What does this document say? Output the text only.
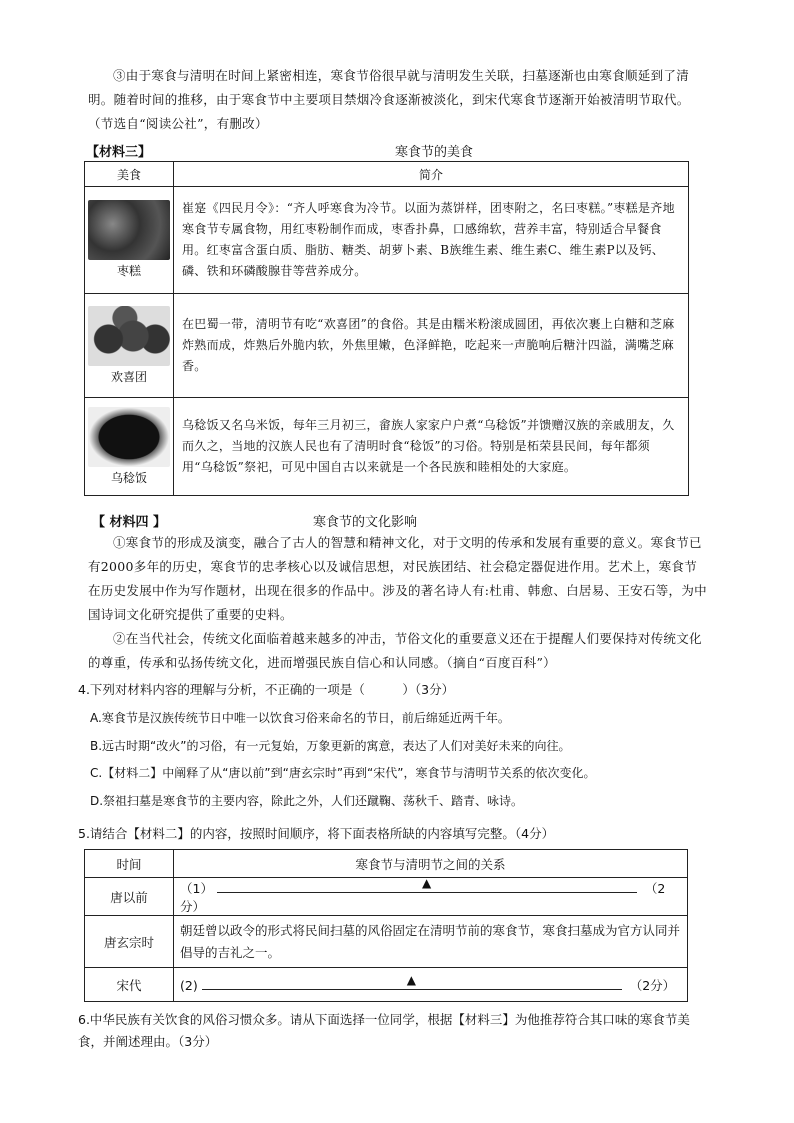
③由于寒食与清明在时间上紧密相连，寒食节俗很早就与清明发生关联，扫墓逐渐也由寒食顺延到了清明。随着时间的推移，由于寒食节中主要项目禁烟冷食逐渐被淡化，到宋代寒食节逐渐开始被清明节取代。（节选自“阅读公社”，有删改）
【材料三】	寒食节的美食
美食	简介

枣糕	崔寔《四民月令》：“齐人呼寒食为冷节。以面为蒸饼样，团枣附之，名曰枣糕。”枣糕是齐地寒食节专属食物，用红枣粉制作而成，枣香扑鼻，口感绵软，营养丰富，特别适合早餐食用。红枣富含蛋白质、脂肪、糖类、胡萝卜素、B族维生素、维生素C、维生素P以及钙、磷、铁和环磷酸腺苷等营养成分。

欢喜团	在巴蜀一带，清明节有吃“欢喜团”的食俗。其是由糯米粉滚成圆团，再依次裹上白糖和芝麻炸熟而成，炸熟后外脆内软，外焦里嫩，色泽鲜艳，吃起来一声脆响后糖汁四溢，满嘴芝麻香。

乌稔饭	乌稔饭又名乌米饭，每年三月初三，畲族人家家户户煮“乌稔饭”并馈赠汉族的亲戚朋友，久而久之，当地的汉族人民也有了清明时食“稔饭”的习俗。特别是柘荣县民间，每年都须用“乌稔饭”祭祀，可见中国自古以来就是一个各民族和睦相处的大家庭。
【 材料四 】	寒食节的文化影响
①寒食节的形成及演变，融合了古人的智慧和精神文化，对于文明的传承和发展有重要的意义。寒食节已有2000多年的历史，寒食节的忠孝核心以及诚信思想，对民族团结、社会稳定器促进作用。艺术上，寒食节在历史发展中作为写作题材，出现在很多的作品中。涉及的著名诗人有:杜甫、韩愈、白居易、王安石等，为中国诗词文化研究提供了重要的史料。
②在当代社会，传统文化面临着越来越多的冲击，节俗文化的重要意义还在于提醒人们要保持对传统文化的尊重，传承和弘扬传统文化，进而增强民族自信心和认同感。（摘自“百度百科”）
4.下列对材料内容的理解与分析，不正确的一项是（　　　）（3分）
A.寒食节是汉族传统节日中唯一以饮食习俗来命名的节日，前后绵延近两千年。
B.远古时期“改火”的习俗，有一元复始，万象更新的寓意，表达了人们对美好未来的向往。
C.【材料二】中阐释了从“唐以前”到“唐玄宗时”再到“宋代”，寒食节与清明节关系的依次变化。
D.祭祖扫墓是寒食节的主要内容，除此之外，人们还蹴鞠、荡秋千、踏青、咏诗。
5.请结合【材料二】的内容，按照时间顺序，将下面表格所缺的内容填写完整。（4分）
时间	寒食节与清明节之间的关系
唐以前	（1） ▲ （2分）
唐玄宗时	朝廷曾以政令的形式将民间扫墓的风俗固定在清明节前的寒食节，寒食扫墓成为官方认同并倡导的吉礼之一。
宋代	(2) ▲ （2分）
6.中华民族有关饮食的风俗习惯众多。请从下面选择一位同学，根据【材料三】为他推荐符合其口味的寒食节美食，并阐述理由。（3分）
